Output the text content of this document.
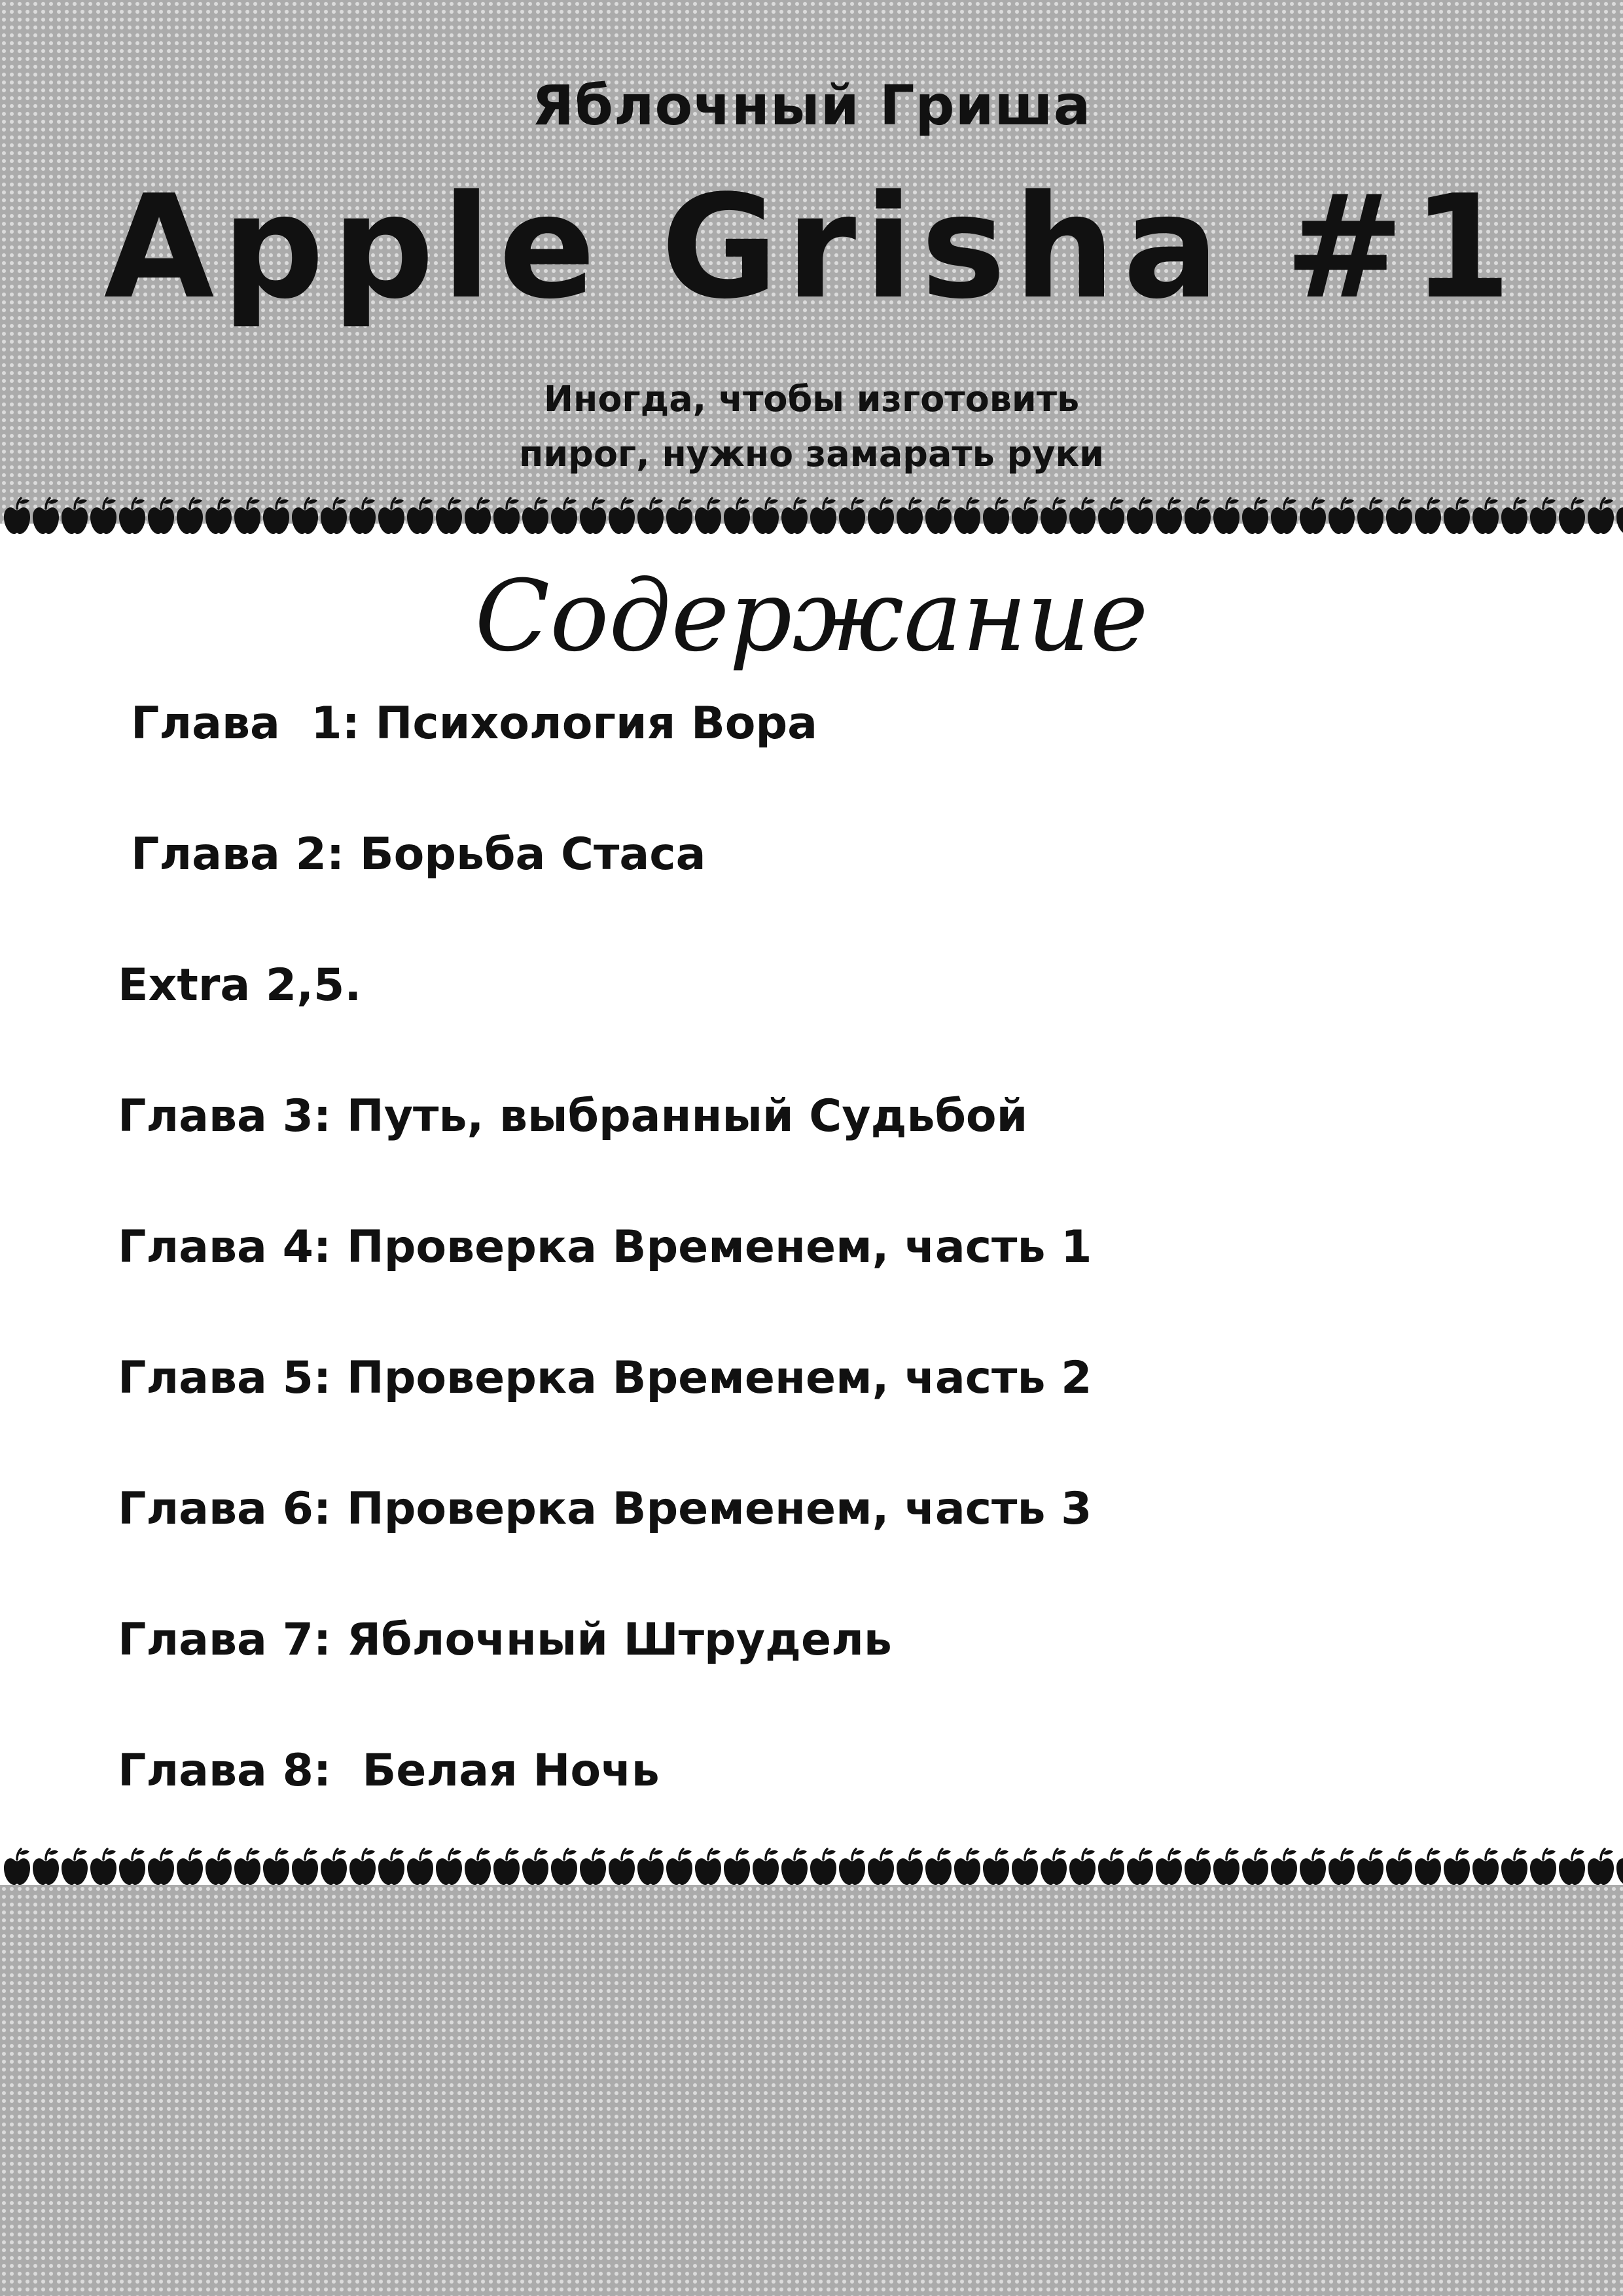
Яблочный Гриша
Apple Grisha #1
Иногда, чтобы изготовить
пирог, нужно замарать руки
Содержание
Глава  1: Психология Вора
Глава 2: Борьба Стаса
Extra 2,5.
Глава 3: Путь, выбранный Судьбой
Глава 4: Проверка Временем, часть 1
Глава 5: Проверка Временем, часть 2
Глава 6: Проверка Временем, часть 3
Глава 7: Яблочный Штрудель
Глава 8:  Белая Ночь
